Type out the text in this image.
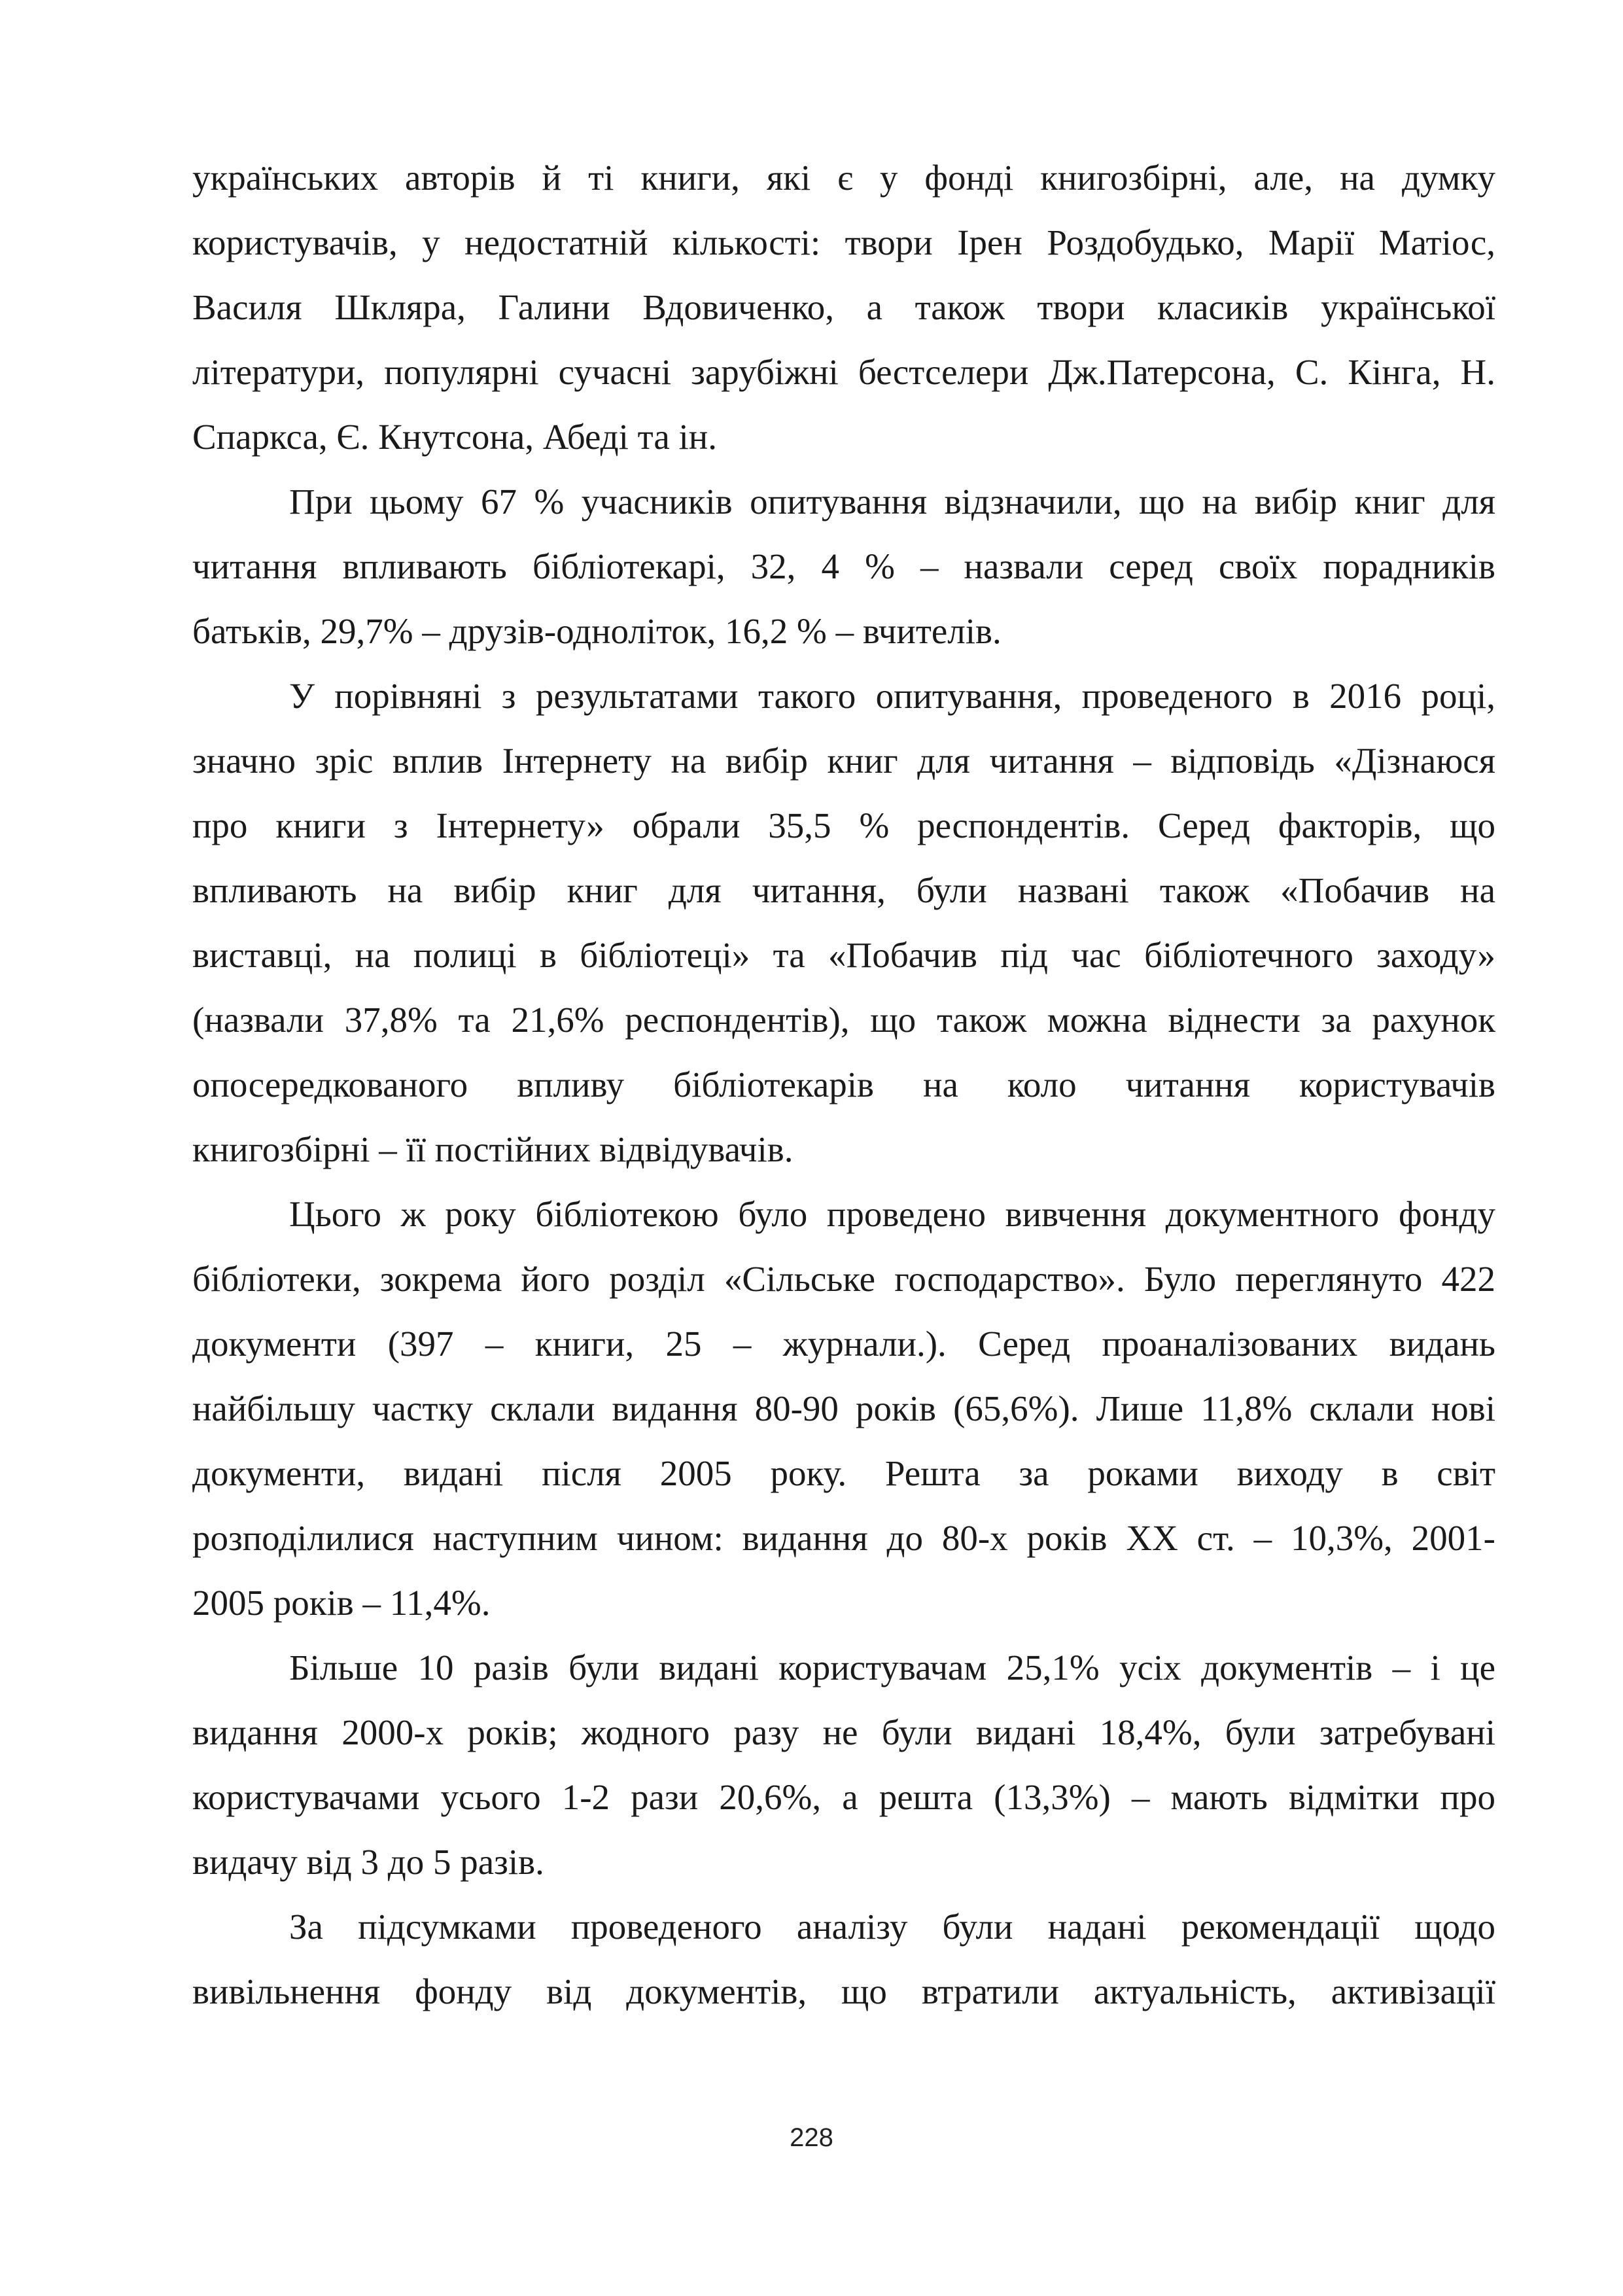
українських авторів й ті книги, які є у фонді книгозбірні, але, на думку
користувачів, у недостатній кількості: твори Ірен Роздобудько, Марії Матіос,
Василя Шкляра, Галини Вдовиченко, а також твори класиків української
літератури, популярні сучасні зарубіжні бестселери Дж.Патерсона, С. Кінга, Н.
Спаркса, Є. Кнутсона, Абеді та ін.

При цьому 67 % учасників опитування відзначили, що на вибір книг для
читання впливають бібліотекарі, 32, 4 % – назвали серед своїх порадників
батьків, 29,7% – друзів-одноліток, 16,2 % – вчителів.

У порівняні з результатами такого опитування, проведеного в 2016 році,
значно зріс вплив Інтернету на вибір книг для читання – відповідь «Дізнаюся
про книги з Інтернету» обрали 35,5 % респондентів. Серед факторів, що
впливають на вибір книг для читання, були названі також «Побачив на
виставці, на полиці в бібліотеці» та «Побачив під час бібліотечного заходу»
(назвали 37,8% та 21,6% респондентів), що також можна віднести за рахунок
опосередкованого впливу бібліотекарів на коло читання користувачів
книгозбірні – її постійних відвідувачів.

Цього ж року бібліотекою було проведено вивчення документного фонду
бібліотеки, зокрема його розділ «Сільське господарство». Було переглянуто 422
документи (397 – книги, 25 – журнали.). Серед проаналізованих видань
найбільшу частку склали видання 80-90 років (65,6%). Лише 11,8% склали нові
документи, видані після 2005 року. Решта за роками виходу в світ
розподілилися наступним чином: видання до 80-х років ХХ ст. – 10,3%, 2001-
2005 років – 11,4%.

Більше 10 разів були видані користувачам 25,1% усіх документів – і це
видання 2000-х років; жодного разу не були видані 18,4%, були затребувані
користувачами усього 1-2 рази 20,6%, а решта (13,3%) – мають відмітки про
видачу від 3 до 5 разів.

За підсумками проведеного аналізу були надані рекомендації щодо
вивільнення фонду від документів, що втратили актуальність, активізації

228
